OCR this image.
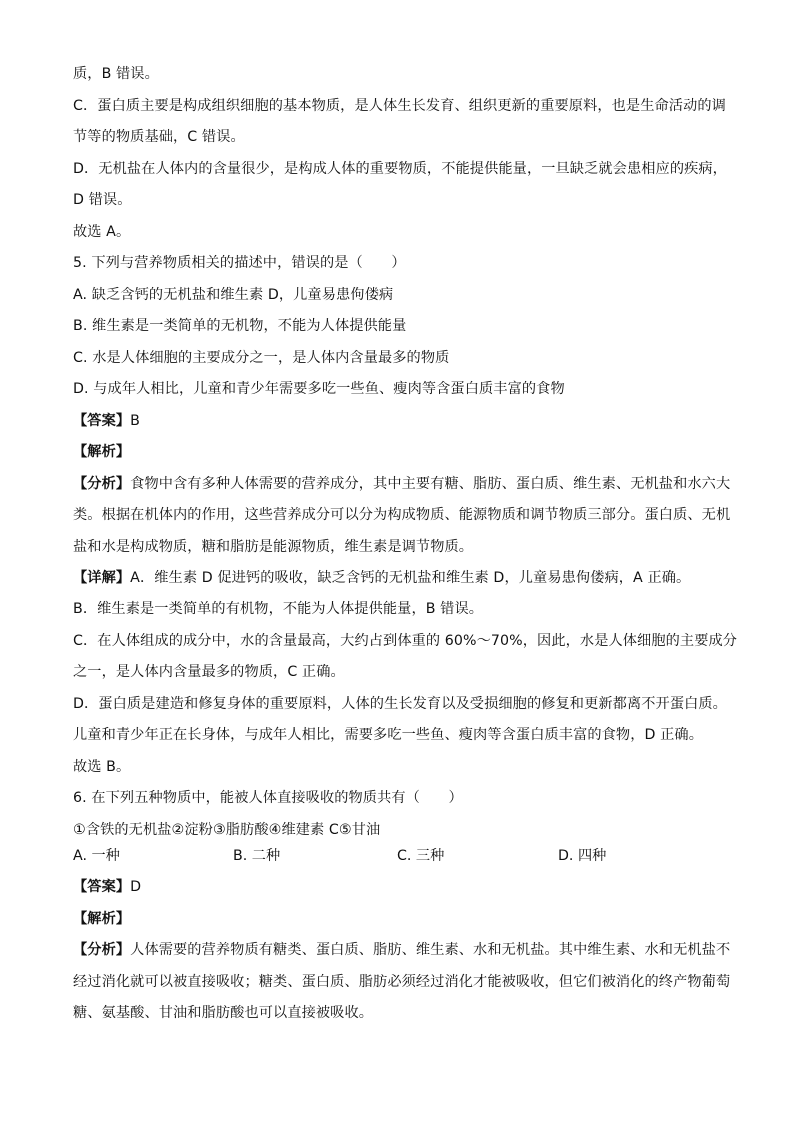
质，B 错误。
C．蛋白质主要是构成组织细胞的基本物质，是人体生长发育、组织更新的重要原料，也是生命活动的调
节等的物质基础，C 错误。
D．无机盐在人体内的含量很少，是构成人体的重要物质，不能提供能量，一旦缺乏就会患相应的疾病，
D 错误。
故选 A。
5. 下列与营养物质相关的描述中，错误的是（　　）
A. 缺乏含钙的无机盐和维生素 D，儿童易患佝偻病
B. 维生素是一类简单的无机物，不能为人体提供能量
C. 水是人体细胞的主要成分之一，是人体内含量最多的物质
D. 与成年人相比，儿童和青少年需要多吃一些鱼、瘦肉等含蛋白质丰富的食物
【答案】B
【解析】
【分析】食物中含有多种人体需要的营养成分，其中主要有糖、脂肪、蛋白质、维生素、无机盐和水六大
类。根据在机体内的作用，这些营养成分可以分为构成物质、能源物质和调节物质三部分。蛋白质、无机
盐和水是构成物质，糖和脂肪是能源物质，维生素是调节物质。
【详解】A．维生素 D 促进钙的吸收，缺乏含钙的无机盐和维生素 D，儿童易患佝偻病，A 正确。
B．维生素是一类简单的有机物，不能为人体提供能量，B 错误。
C．在人体组成的成分中，水的含量最高，大约占到体重的 60%～70%，因此，水是人体细胞的主要成分
之一，是人体内含量最多的物质，C 正确。
D．蛋白质是建造和修复身体的重要原料，人体的生长发育以及受损细胞的修复和更新都离不开蛋白质。
儿童和青少年正在长身体，与成年人相比，需要多吃一些鱼、瘦肉等含蛋白质丰富的食物，D 正确。
故选 B。
6. 在下列五种物质中，能被人体直接吸收的物质共有（　　）
①含铁的无机盐②淀粉③脂肪酸④维建素 C⑤甘油
A. 一种	B. 二种	C. 三种	D. 四种
【答案】D
【解析】
【分析】人体需要的营养物质有糖类、蛋白质、脂肪、维生素、水和无机盐。其中维生素、水和无机盐不
经过消化就可以被直接吸收；糖类、蛋白质、脂肪必须经过消化才能被吸收，但它们被消化的终产物葡萄
糖、氨基酸、甘油和脂肪酸也可以直接被吸收。
